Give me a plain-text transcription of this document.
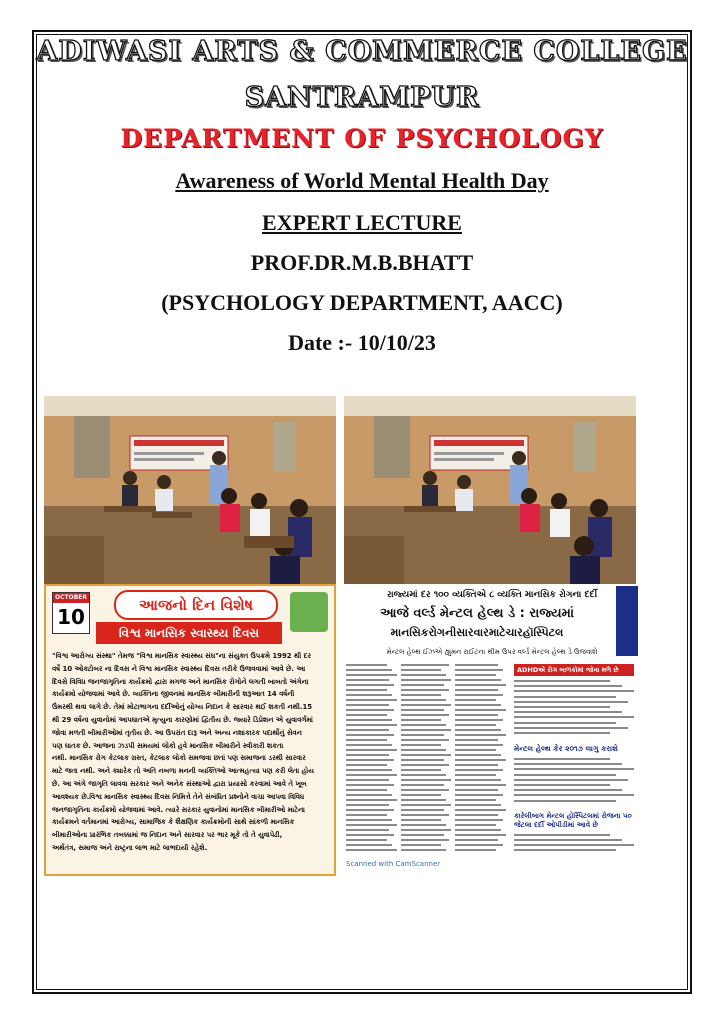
ADIWASI ARTS & COMMERCE COLLEGE
SANTRAMPUR
DEPARTMENT OF PSYCHOLOGY
Awareness of World Mental Health Day
EXPERT LECTURE
PROF.DR.M.B.BHATT
(PSYCHOLOGY DEPARTMENT, AACC)
Date :- 10/10/23
OCTOBER
10	આજનો દિન વિશેષ
વિશ્વ માનસિક સ્વાસ્થ્ય દિવસ
"વિશ્વ આરોગ્ય સંસ્થા" તેમજ "વિશ્વ માનસિક સ્વાસ્થ્ય સંઘ"ના સંયુક્ત ઉપક્રમે 1992 થી દર
વર્ષે 10 ઓક્ટોબર ના દિવસ ને વિશ્વ માનસિક સ્વાસ્થ્ય દિવસ તરીકે ઉજવવામાં આવે છે. આ
દિવસે વિવિધ જનજાગૃતિના કાર્યક્રમો દ્વારા મગજ અને માનસિક રોગોને લગતી બાબતો અંગેના
કાર્યક્રમો યોજવામાં આવે છે. વ્યક્તિના જીવનમાં માનસિક બીમારીની શરૂઆત 14 વર્ષની
ઉંમરથી થવા લાગે છે. તેમાં મોટાભાગના દર્દીઓનું યોગ્ય નિદાન કે સારવાર થઈ શકતી નથી.15
થી 29 વર્ષના યુવાનોમાં આપઘાતએ મૃત્યુના કારણોમાં દ્વિતીય છે. જ્યારે ડિપ્રેશન એ યુવાવર્ગમાં
જોવા મળતી બીમારીઓમાં તૃતીય છે. આ ઉપરાંત દારૂ અને અન્ય નશાકારક પદાર્થોનું સેવન
પણ ઘાતક છે. આજના ઝડપી સમયમાં લોકો હવે માનસિક બીમારીને સ્વીકારી શકતા
નથી. માનસિક રોગ કેટલાક ગ્રસ્ત, કેટલાક લોકો સમજવા છતાં પણ સમાજના ડરથી સારવાર
માટે જતા નથી. અને ક્યારેક તો અતિ નબળા મનની વ્યક્તિઓ આત્મહત્યા પણ કરી લેતા હોય
છે. આ અંગે જાગૃતિ લાવવા સરકાર અને અનેક સંસ્થાઓ દ્વારા પ્રયાસો કરવામાં આવે તે ખૂબ
આવશ્યક છે.વિશ્વ માનસિક સ્વાસ્થ્ય દિવસ નિમિત્તે તેને સંબંધિત પ્રશ્નોને વાચા આપવા વિવિધ
જનજાગૃતિના કાર્યક્રમો યોજવામાં આવે. ત્યારે સરકાર યુવાનોમાં માનસિક બીમારીઓ માટેના
કાર્યક્રમને વર્તમાનમાં આરોગ્ય, સામાજિક કે શૈક્ષણિક કાર્યક્રમોની સાથે સાંકળી માનસિક
બીમારીઓના પ્રારંભિક તબક્કામાં જ નિદાન અને સારવાર પર ભાર મૂકે તો તે યુવાપેઢી,
અર્થતંત્ર, સમાજ અને રાષ્ટ્રના લાભ માટે લાભદાયી રહેશે.
રાજ્યમાં દર ૧૦૦ વ્યક્તિએ ૮ વ્યક્તિ માનસિક રોગના દર્દી
આજે વર્લ્ડ મેન્ટલ હેલ્થ ડે : રાજ્યમાં
માનસિકરોગનીસારવારમાટેચારહૉસ્પિટલ
મેન્ટલ હેલ્થ ઈઝએ હ્યુમન રાઈટના થીમ ઉપર વર્લ્ડ મેન્ટલ હેલ્થ ડે ઉજવાશે
ADHDએ રોગ બાળકોમાં જોવા મળે છે
મેન્ટલ હેલ્થ કેર ૨૦૧૭ લાગુ કરાશે
કારેલીબાગ મેન્ટલ હોસ્પિટલમાં રોજના ૫૦ જેટલા દર્દી ઓપીડીમાં આવે છે
Scanned with CamScanner
